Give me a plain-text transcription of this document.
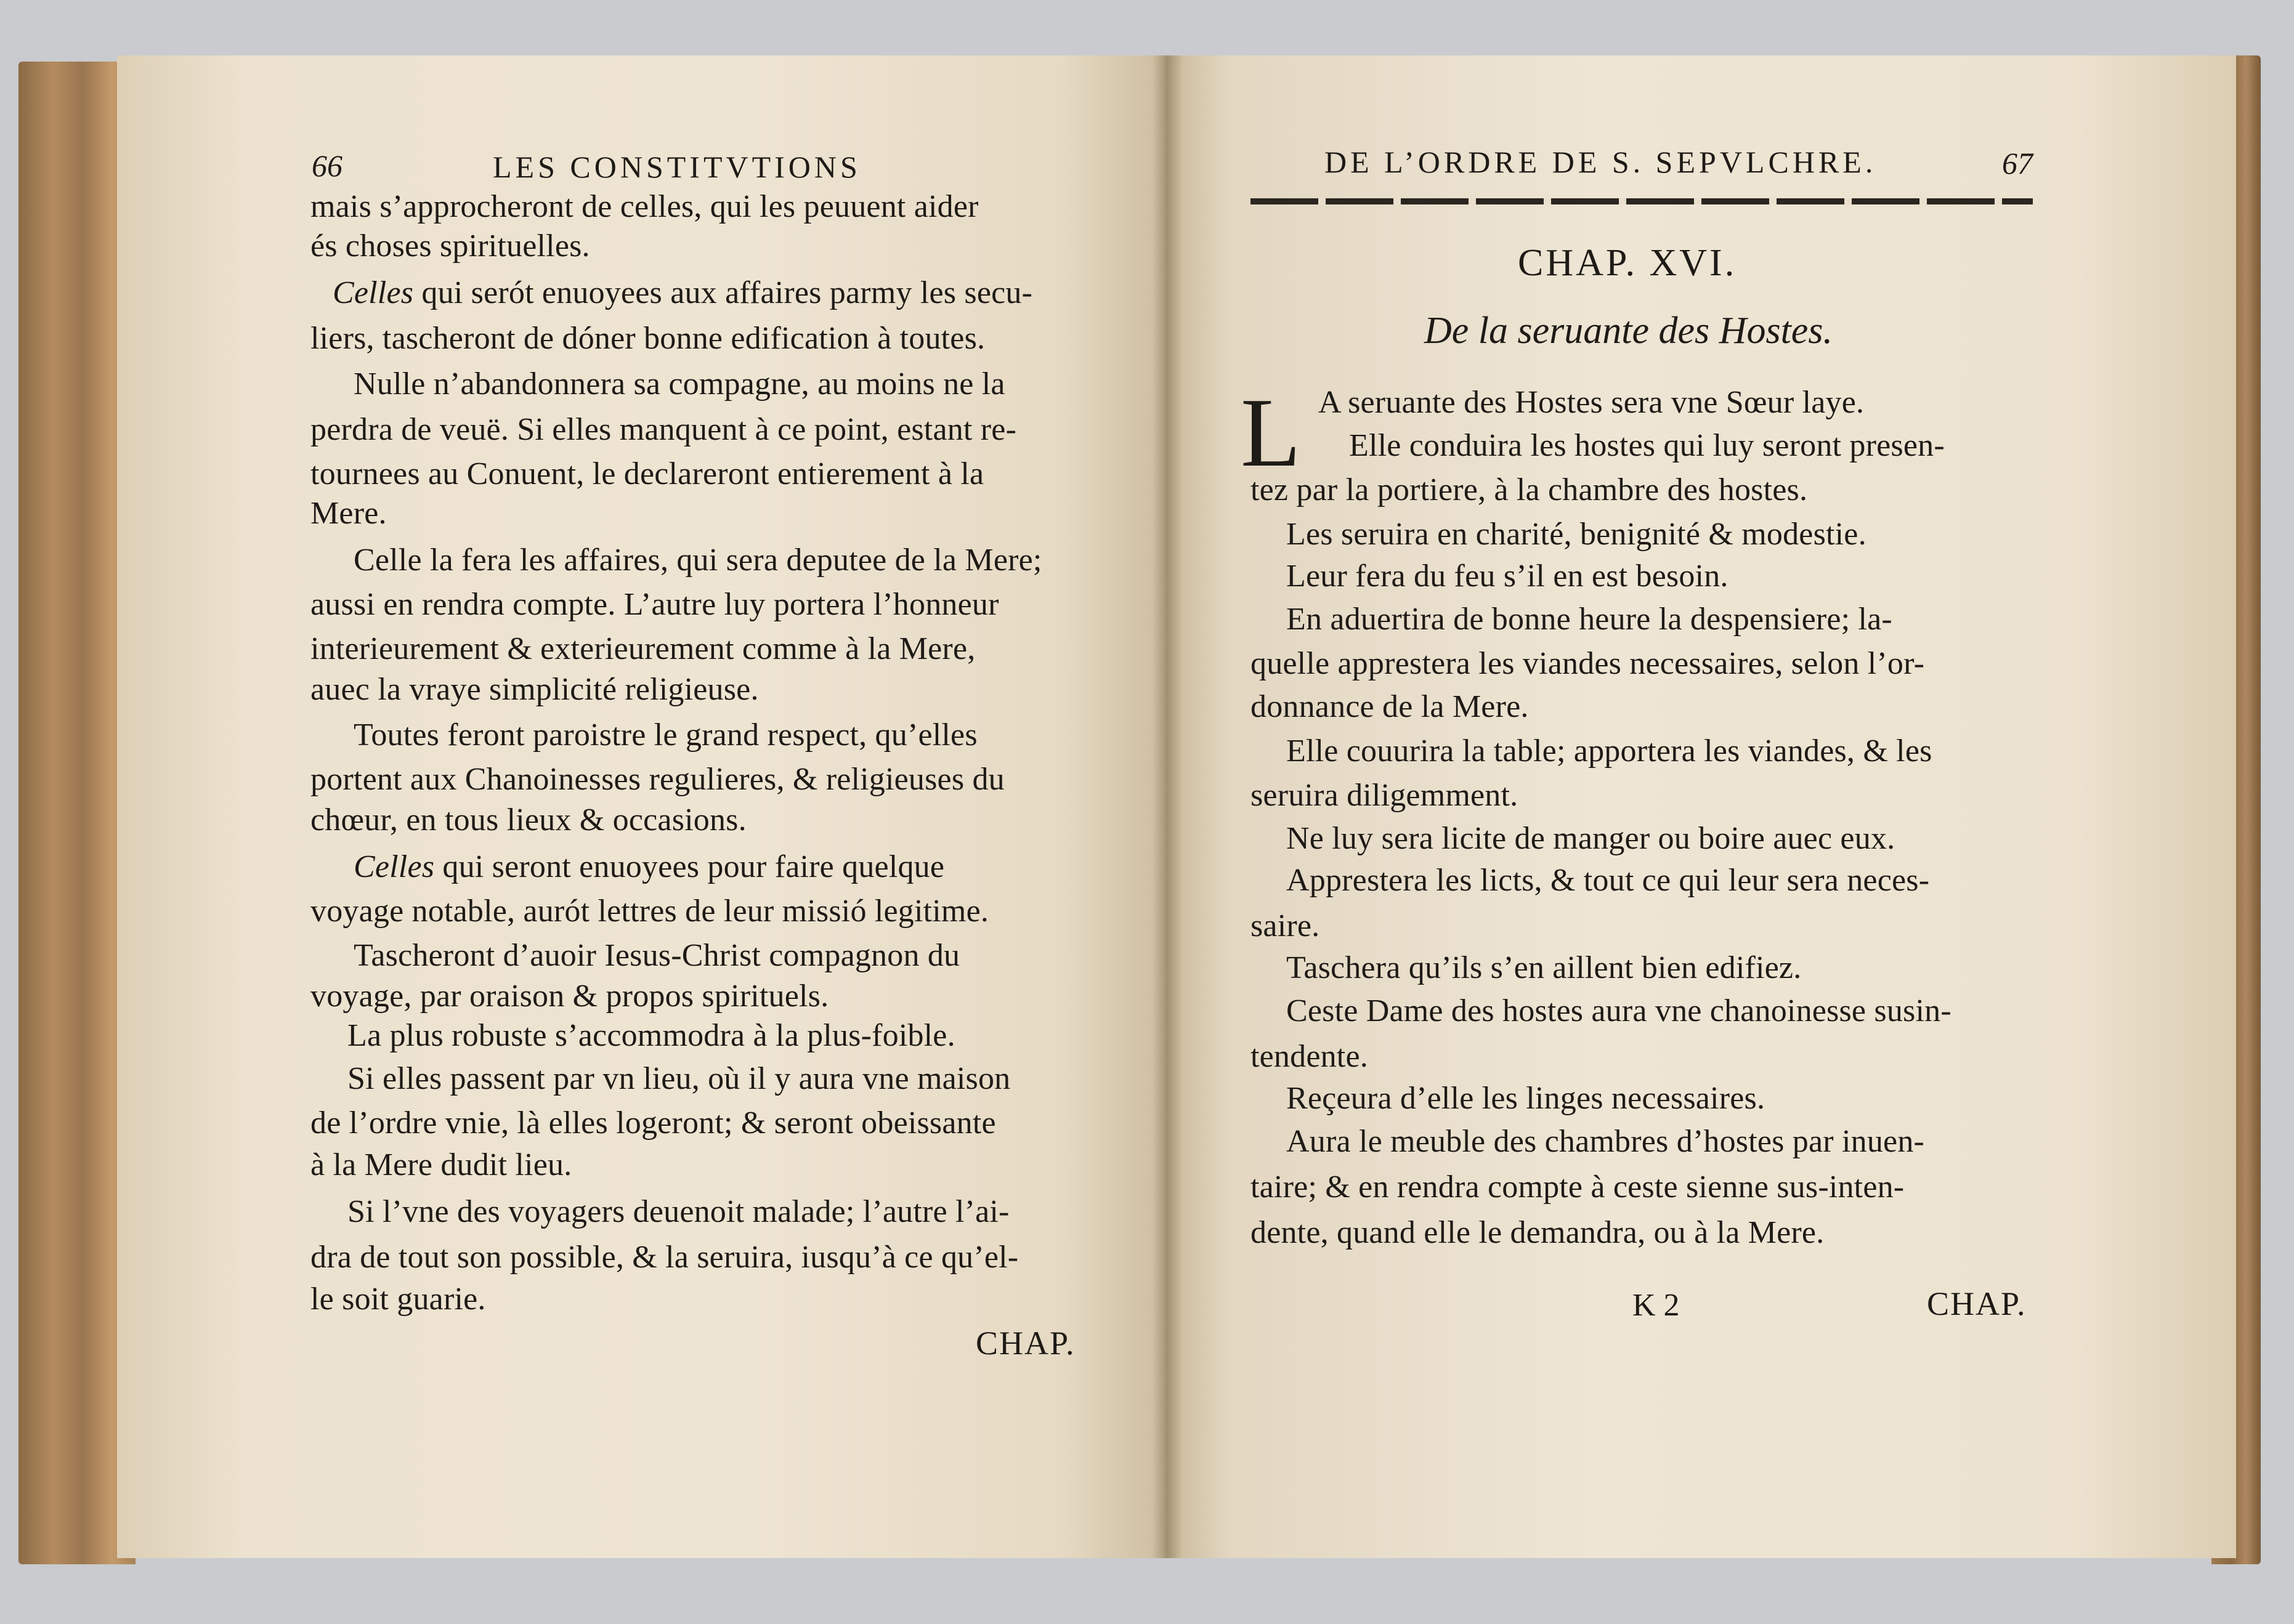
66	LES CONSTITVTIONS
mais s’approcheront de celles, qui les peuuent aider
és choses spirituelles.
Celles qui serót enuoyees aux affaires parmy les secu-
liers, tascheront de dóner bonne edification à toutes.
Nulle n’abandonnera sa compagne, au moins ne la
perdra de veuë. Si elles manquent à ce point, estant re-
tournees au Conuent, le declareront entierement à la
Mere.
Celle la fera les affaires, qui sera deputee de la Mere;
aussi en rendra compte. L’autre luy portera l’honneur
interieurement & exterieurement comme à la Mere,
auec la vraye simplicité religieuse.
Toutes feront paroistre le grand respect, qu’elles
portent aux Chanoinesses regulieres, & religieuses du
chœur, en tous lieux & occasions.
Celles qui seront enuoyees pour faire quelque
voyage notable, aurót lettres de leur missió legitime.
Tascheront d’auoir Iesus-Christ compagnon du
voyage, par oraison & propos spirituels.
La plus robuste s’accommodra à la plus-foible.
Si elles passent par vn lieu, où il y aura vne maison
de l’ordre vnie, là elles logeront; & seront obeissante
à la Mere dudit lieu.
Si l’vne des voyagers deuenoit malade; l’autre l’ai-
dra de tout son possible, & la seruira, iusqu’à ce qu’el-
le soit guarie.
CHAP.
DE L’ORDRE DE S. SEPVLCHRE.	67
CHAP. XVI.
De la seruante des Hostes.
L A seruante des Hostes sera vne Sœur laye.
Elle conduira les hostes qui luy seront presen-
tez par la portiere, à la chambre des hostes.
Les seruira en charité, benignité & modestie.
Leur fera du feu s’il en est besoin.
En aduertira de bonne heure la despensiere; la-
quelle apprestera les viandes necessaires, selon l’or-
donnance de la Mere.
Elle couurira la table; apportera les viandes, & les
seruira diligemment.
Ne luy sera licite de manger ou boire auec eux.
Apprestera les licts, & tout ce qui leur sera neces-
saire.
Taschera qu’ils s’en aillent bien edifiez.
Ceste Dame des hostes aura vne chanoinesse susin-
tendente.
Reçeura d’elle les linges necessaires.
Aura le meuble des chambres d’hostes par inuen-
taire; & en rendra compte à ceste sienne sus-inten-
dente, quand elle le demandra, ou à la Mere.
K 2	CHAP.
